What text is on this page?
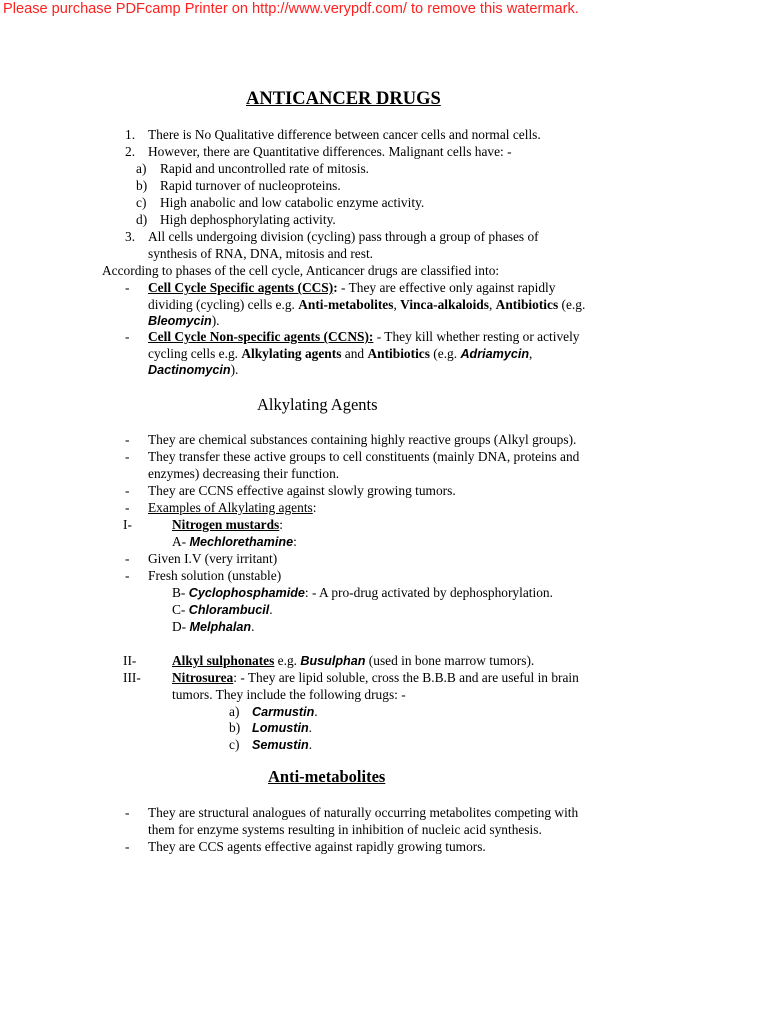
Please purchase PDFcamp Printer on http://www.verypdf.com/ to remove this watermark.
ANTICANCER DRUGS
1. There is No Qualitative difference between cancer cells and normal cells.
2. However, there are Quantitative differences. Malignant cells have: -
a) Rapid and uncontrolled rate of mitosis.
b) Rapid turnover of nucleoproteins.
c) High anabolic and low catabolic enzyme activity.
d) High dephosphorylating activity.
3. All cells undergoing division (cycling) pass through a group of phases of
synthesis of RNA, DNA, mitosis and rest.
According to phases of the cell cycle, Anticancer drugs are classified into:
- Cell Cycle Specific agents (CCS): - They are effective only against rapidly
dividing (cycling) cells e.g. Anti-metabolites, Vinca-alkaloids, Antibiotics (e.g.
Bleomycin).
- Cell Cycle Non-specific agents (CCNS): - They kill whether resting or actively
cycling cells e.g. Alkylating agents and Antibiotics (e.g. Adriamycin,
Dactinomycin).
Alkylating Agents
- They are chemical substances containing highly reactive groups (Alkyl groups).
- They transfer these active groups to cell constituents (mainly DNA, proteins and
enzymes) decreasing their function.
- They are CCNS effective against slowly growing tumors.
- Examples of Alkylating agents:
I-	Nitrogen mustards:
A- Mechlorethamine:
- Given I.V (very irritant)
- Fresh solution (unstable)
B- Cyclophosphamide: - A pro-drug activated by dephosphorylation.
C- Chlorambucil.
D- Melphalan.
II-	Alkyl sulphonates e.g. Busulphan (used in bone marrow tumors).
III- Nitrosurea: - They are lipid soluble, cross the B.B.B and are useful in brain
tumors. They include the following drugs: -
a) Carmustin.
b) Lomustin.
c) Semustin.
Anti-metabolites
- They are structural analogues of naturally occurring metabolites competing with
them for enzyme systems resulting in inhibition of nucleic acid synthesis.
- They are CCS agents effective against rapidly growing tumors.
